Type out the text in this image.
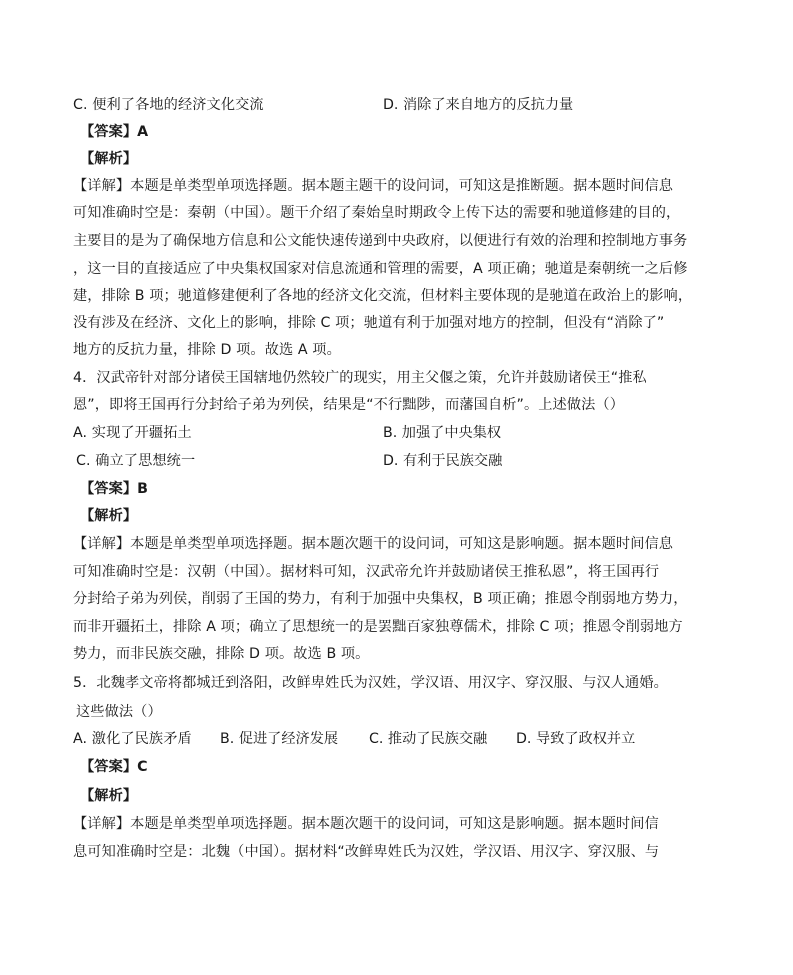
C. 便利了各地的经济文化交流	D. 消除了来自地方的反抗力量
【答案】A
【解析】
【详解】本题是单类型单项选择题。据本题主题干的设问词，可知这是推断题。据本题时间信息
可知准确时空是：秦朝（中国）。题干介绍了秦始皇时期政令上传下达的需要和驰道修建的目的，
主要目的是为了确保地方信息和公文能快速传递到中央政府，以便进行有效的治理和控制地方事务
，这一目的直接适应了中央集权国家对信息流通和管理的需要，A 项正确；驰道是秦朝统一之后修
建，排除 B 项；驰道修建便利了各地的经济文化交流，但材料主要体现的是驰道在政治上的影响，
没有涉及在经济、文化上的影响，排除 C 项；驰道有利于加强对地方的控制，但没有“消除了”
地方的反抗力量，排除 D 项。故选 A 项。
4．汉武帝针对部分诸侯王国辖地仍然较广的现实，用主父偃之策，允许并鼓励诸侯王“推私
恩”，即将王国再行分封给子弟为列侯，结果是“不行黜陟，而藩国自析”。上述做法（）
A. 实现了开疆拓土	B. 加强了中央集权
C. 确立了思想统一	D. 有利于民族交融
【答案】B
【解析】
【详解】本题是单类型单项选择题。据本题次题干的设问词，可知这是影响题。据本题时间信息
可知准确时空是：汉朝（中国）。据材料可知，汉武帝允许并鼓励诸侯王推私恩”，将王国再行
分封给子弟为列侯，削弱了王国的势力，有利于加强中央集权，B 项正确；推恩令削弱地方势力，
而非开疆拓土，排除 A 项；确立了思想统一的是罢黜百家独尊儒术，排除 C 项；推恩令削弱地方
势力，而非民族交融，排除 D 项。故选 B 项。
5．北魏孝文帝将都城迁到洛阳，改鲜卑姓氏为汉姓，学汉语、用汉字、穿汉服、与汉人通婚。
这些做法（）
A. 激化了民族矛盾 B. 促进了经济发展 C. 推动了民族交融 D. 导致了政权并立
【答案】C
【解析】
【详解】本题是单类型单项选择题。据本题次题干的设问词，可知这是影响题。据本题时间信
息可知准确时空是：北魏（中国）。据材料“改鲜卑姓氏为汉姓，学汉语、用汉字、穿汉服、与
